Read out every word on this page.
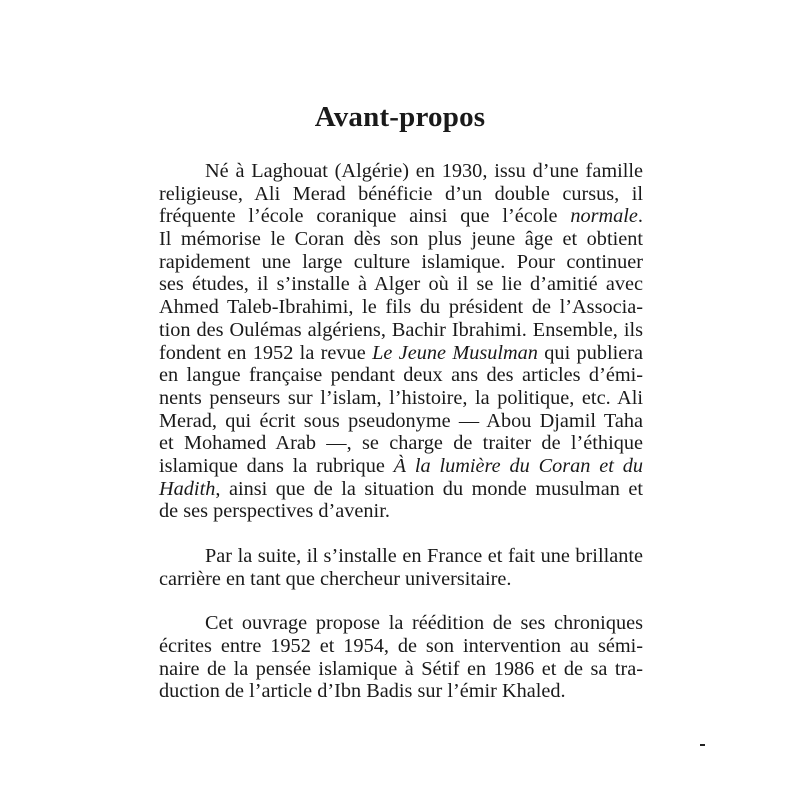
Avant-propos
Né à Laghouat (Algérie) en 1930, issu d’une famille
religieuse, Ali Merad bénéficie d’un double cursus, il
fréquente l’école coranique ainsi que l’école normale.
Il mémorise le Coran dès son plus jeune âge et obtient
rapidement une large culture islamique. Pour continuer
ses études, il s’installe à Alger où il se lie d’amitié avec
Ahmed Taleb-Ibrahimi, le fils du président de l’Associa-
tion des Oulémas algériens, Bachir Ibrahimi. Ensemble, ils
fondent en 1952 la revue Le Jeune Musulman qui publiera
en langue française pendant deux ans des articles d’émi-
nents penseurs sur l’islam, l’histoire, la politique, etc. Ali
Merad, qui écrit sous pseudonyme — Abou Djamil Taha
et Mohamed Arab —, se charge de traiter de l’éthique
islamique dans la rubrique À la lumière du Coran et du
Hadith, ainsi que de la situation du monde musulman et
de ses perspectives d’avenir.
Par la suite, il s’installe en France et fait une brillante
carrière en tant que chercheur universitaire.
Cet ouvrage propose la réédition de ses chroniques
écrites entre 1952 et 1954, de son intervention au sémi-
naire de la pensée islamique à Sétif en 1986 et de sa tra-
duction de l’article d’Ibn Badis sur l’émir Khaled.
